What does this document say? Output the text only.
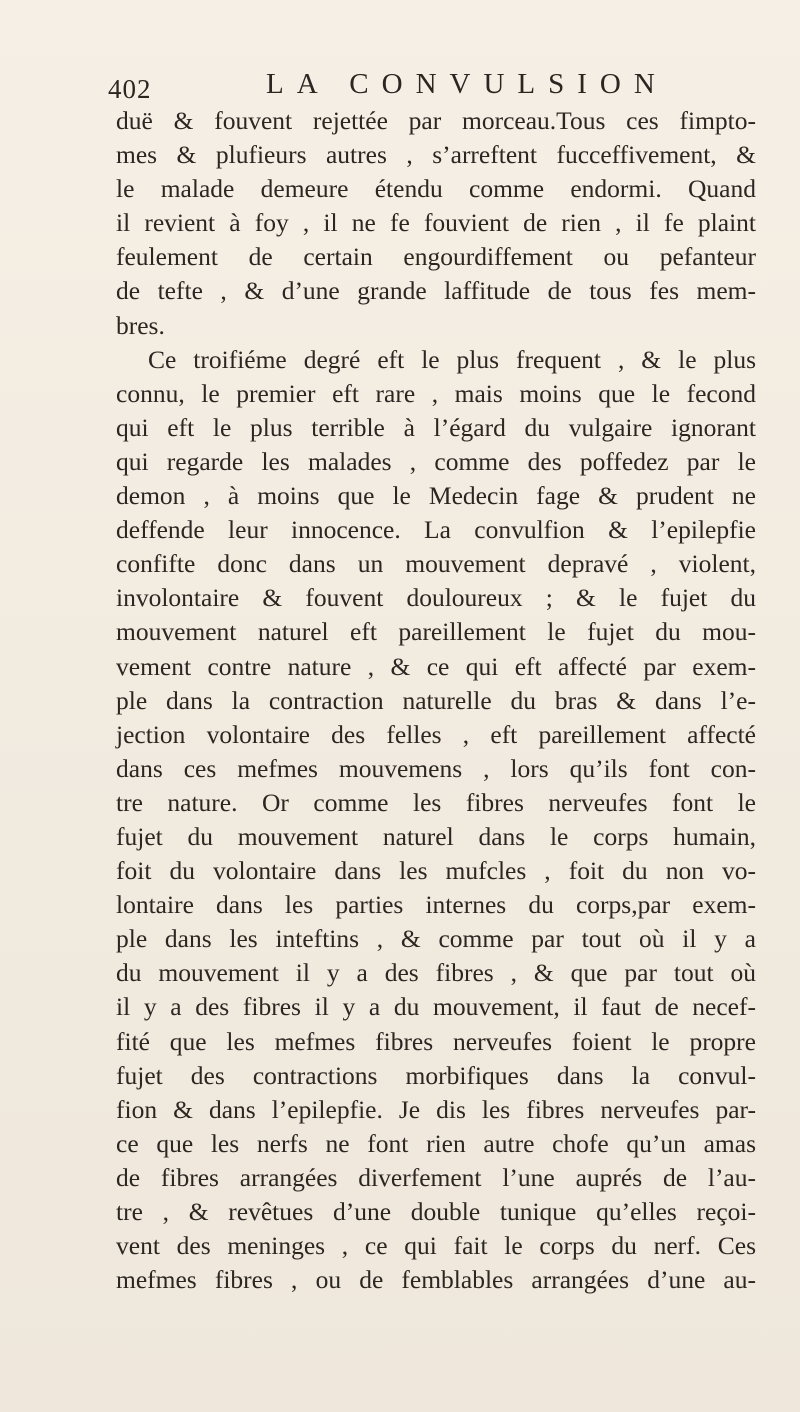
402	LA CONVULSION
duë & fouvent rejettée par morceau.Tous ces fimpto-
mes & plufieurs autres , s’arreftent fucceffivement, &
le malade demeure étendu comme endormi. Quand
il revient à foy , il ne fe fouvient de rien , il fe plaint
feulement de certain engourdiffement ou pefanteur
de tefte , & d’une grande laffitude de tous fes mem-
bres.
Ce troifiéme degré eft le plus frequent , & le plus
connu, le premier eft rare , mais moins que le fecond
qui eft le plus terrible à l’égard du vulgaire ignorant
qui regarde les malades , comme des poffedez par le
demon , à moins que le Medecin fage & prudent ne
deffende leur innocence. La convulfion & l’epilepfie
confifte donc dans un mouvement depravé , violent,
involontaire & fouvent douloureux ; & le fujet du
mouvement naturel eft pareillement le fujet du mou-
vement contre nature , & ce qui eft affecté par exem-
ple dans la contraction naturelle du bras & dans l’e-
jection volontaire des felles , eft pareillement affecté
dans ces mefmes mouvemens , lors qu’ils font con-
tre nature. Or comme les fibres nerveufes font le
fujet du mouvement naturel dans le corps humain,
foit du volontaire dans les mufcles , foit du non vo-
lontaire dans les parties internes du corps,par exem-
ple dans les inteftins , & comme par tout où il y a
du mouvement il y a des fibres , & que par tout où
il y a des fibres il y a du mouvement, il faut de necef-
fité que les mefmes fibres nerveufes foient le propre
fujet des contractions morbifiques dans la convul-
fion & dans l’epilepfie. Je dis les fibres nerveufes par-
ce que les nerfs ne font rien autre chofe qu’un amas
de fibres arrangées diverfement l’une auprés de l’au-
tre , & revêtues d’une double tunique qu’elles reçoi-
vent des meninges , ce qui fait le corps du nerf. Ces
mefmes fibres , ou de femblables arrangées d’une au-
